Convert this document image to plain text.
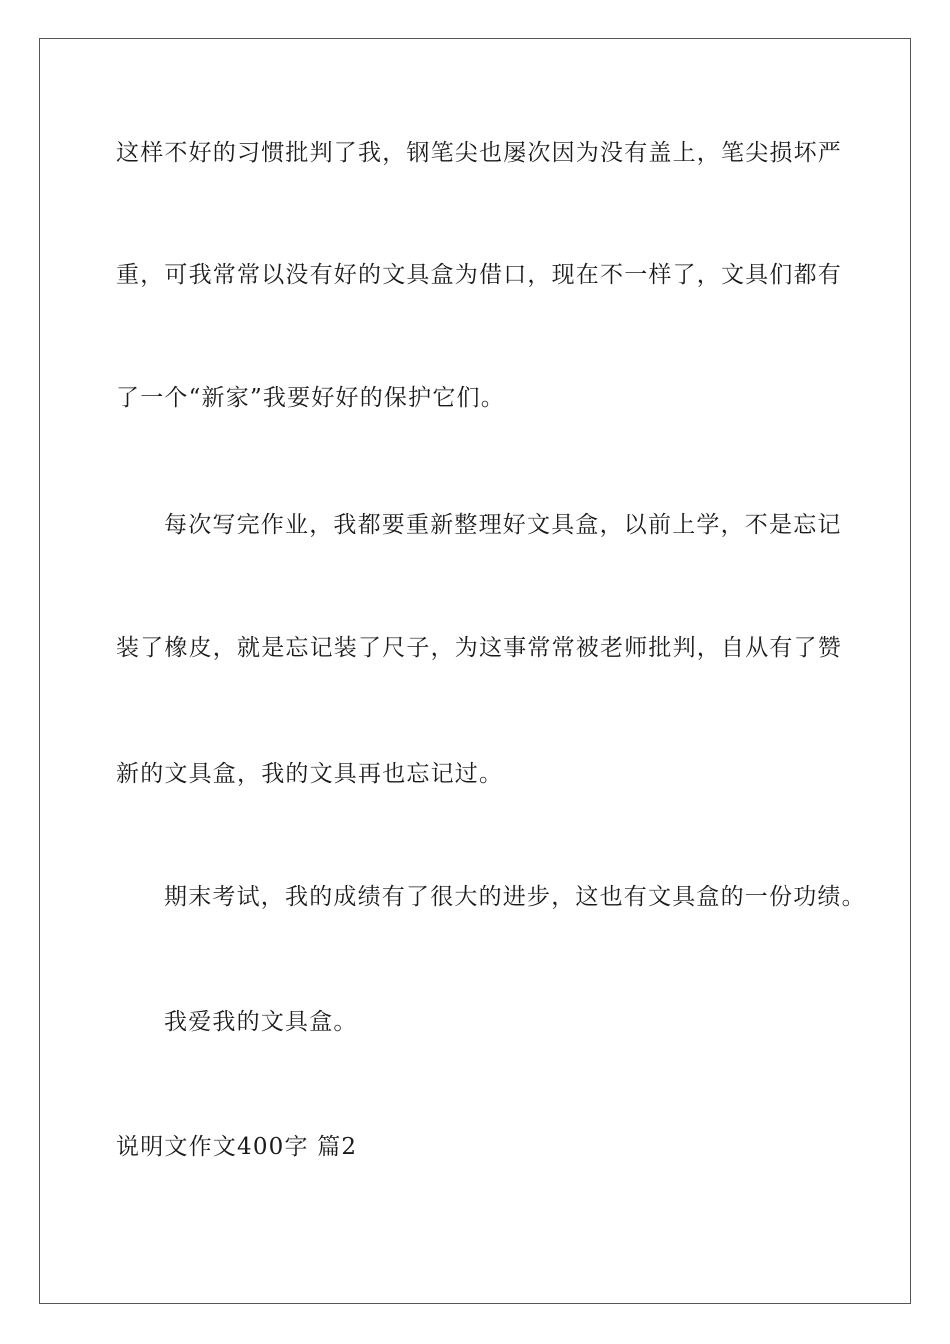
这样不好的习惯批判了我，钢笔尖也屡次因为没有盖上，笔尖损坏严
重，可我常常以没有好的文具盒为借口，现在不一样了，文具们都有
了一个“新家”我要好好的保护它们。
每次写完作业，我都要重新整理好文具盒，以前上学，不是忘记
装了橡皮，就是忘记装了尺子，为这事常常被老师批判，自从有了赞
新的文具盒，我的文具再也忘记过。
期末考试，我的成绩有了很大的进步，这也有文具盒的一份功绩。
我爱我的文具盒。
说明文作文400字 篇2
